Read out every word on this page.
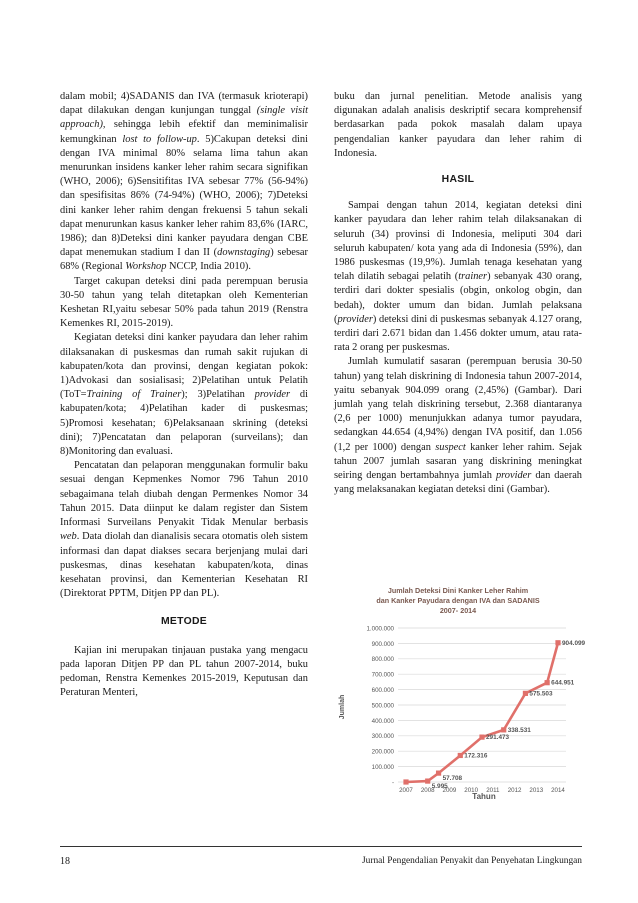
dalam mobil; 4)SADANIS dan IVA (termasuk krioterapi) dapat dilakukan dengan kunjungan tunggal (single visit approach), sehingga lebih efektif dan meminimalisir kemungkinan lost to follow-up. 5)Cakupan deteksi dini dengan IVA minimal 80% selama lima tahun akan menurunkan insidens kanker leher rahim secara signifikan (WHO, 2006); 6)Sensitifitas IVA sebesar 77% (56-94%) dan spesifisitas 86% (74-94%) (WHO, 2006); 7)Deteksi dini kanker leher rahim dengan frekuensi 5 tahun sekali dapat menurunkan kasus kanker leher rahim 83,6% (IARC, 1986); dan 8)Deteksi dini kanker payudara dengan CBE dapat menemukan stadium I dan II (downstaging) sebesar 68% (Regional Workshop NCCP, India 2010).

Target cakupan deteksi dini pada perempuan berusia 30-50 tahun yang telah ditetapkan oleh Kementerian Keshetan RI,yaitu sebesar 50% pada tahun 2019 (Renstra Kemenkes RI, 2015-2019).

Kegiatan deteksi dini kanker payudara dan leher rahim dilaksanakan di puskesmas dan rumah sakit rujukan di kabupaten/kota dan provinsi, dengan kegiatan pokok: 1)Advokasi dan sosialisasi; 2)Pelatihan untuk Pelatih (ToT=Training of Trainer); 3)Pelatihan provider di kabupaten/kota; 4)Pelatihan kader di puskesmas; 5)Promosi kesehatan; 6)Pelaksanaan skrining (deteksi dini); 7)Pencatatan dan pelaporan (surveilans); dan 8)Monitoring dan evaluasi.

Pencatatan dan pelaporan menggunakan formulir baku sesuai dengan Kepmenkes Nomor 796 Tahun 2010 sebagaimana telah diubah dengan Permenkes Nomor 34 Tahun 2015. Data diinput ke dalam register dan Sistem Informasi Surveilans Penyakit Tidak Menular berbasis web. Data diolah dan dianalisis secara otomatis oleh sistem informasi dan dapat diakses secara berjenjang mulai dari puskesmas, dinas kesehatan kabupaten/kota, dinas kesehatan provinsi, dan Kementerian Kesehatan RI (Direktorat PPTM, Ditjen PP dan PL).

METODE

Kajian ini merupakan tinjauan pustaka yang mengacu pada laporan Ditjen PP dan PL tahun 2007-2014, buku pedoman, Renstra Kemenkes 2015-2019, Keputusan dan Peraturan Menteri,

buku dan jurnal penelitian. Metode analisis yang digunakan adalah analisis deskriptif secara komprehensif berdasarkan pada pokok masalah dalam upaya pengendalian kanker payudara dan leher rahim di Indonesia.

HASIL

Sampai dengan tahun 2014, kegiatan deteksi dini kanker payudara dan leher rahim telah dilaksanakan di seluruh (34) provinsi di Indonesia, meliputi 304 dari seluruh kabupaten/ kota yang ada di Indonesia (59%), dan 1986 puskesmas (19,9%). Jumlah tenaga kesehatan yang telah dilatih sebagai pelatih (trainer) sebanyak 430 orang, terdiri dari dokter spesialis (obgin, onkolog obgin, dan bedah), dokter umum dan bidan. Jumlah pelaksana (provider) deteksi dini di puskesmas sebanyak 4.127 orang, terdiri dari 2.671 bidan dan 1.456 dokter umum, atau rata-rata 2 orang per puskesmas.

Jumlah kumulatif sasaran (perempuan berusia 30-50 tahun) yang telah diskrining di Indonesia tahun 2007-2014, yaitu sebanyak 904.099 orang (2,45%) (Gambar). Dari jumlah yang telah diskrining tersebut, 2.368 diantaranya (2,6 per 1000) menunjukkan adanya tumor payudara, sedangkan 44.654 (4,94%) dengan IVA positif, dan 1.056 (1,2 per 1000) dengan suspect kanker leher rahim. Sejak tahun 2007 jumlah sasaran yang diskrining meningkat seiring dengan bertambahnya jumlah provider dan daerah yang melaksanakan kegiatan deteksi dini (Gambar).

Jumlah Deteksi Dini Kanker Leher Rahim
dan Kanker Payudara dengan IVA dan SADANIS
2007- 2014
-
100.000
200.000
300.000
400.000
500.000
600.000
700.000
800.000
900.000
1.000.000
2007 2008 2009 2010 2011 2012 2013 2014
5.995
57.708
172.316
291.473
338.531
575.503
644.951
904.099
Jumlah
Tahun
18	Jurnal Pengendalian Penyakit dan Penyehatan Lingkungan
